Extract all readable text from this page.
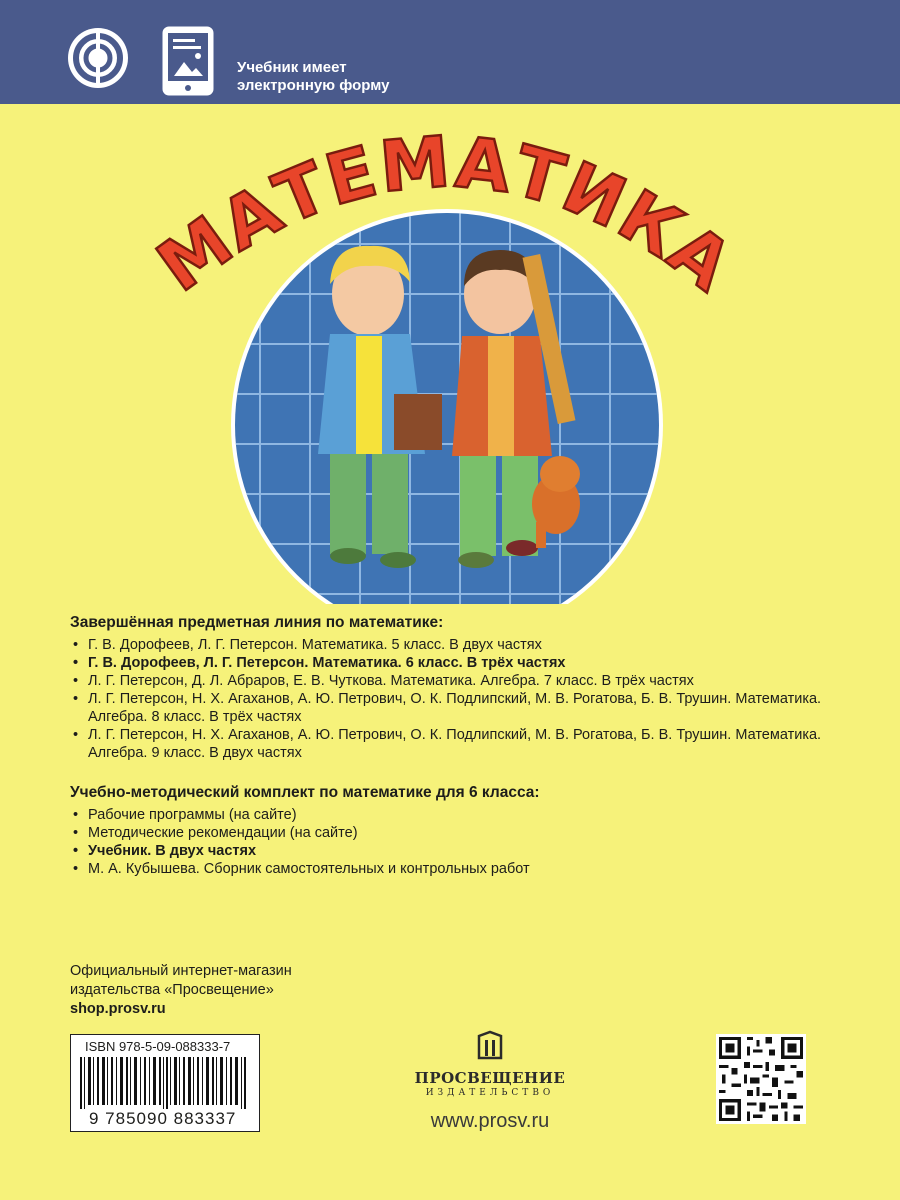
Учебник имеет
электронную форму
МАТЕМАТИКА

Завершённая предметная линия по математике:

• Г. В. Дорофеев, Л. Г. Петерсон. Математика. 5 класс. В двух частях
• Г. В. Дорофеев, Л. Г. Петерсон. Математика. 6 класс. В трёх частях
• Л. Г. Петерсон, Д. Л. Абраров, Е. В. Чуткова. Математика. Алгебра. 7 класс. В трёх частях
• Л. Г. Петерсон, Н. Х. Агаханов, А. Ю. Петрович, О. К. Подлипский, М. В. Рогатова, Б. В. Трушин. Математика. Алгебра. 8 класс. В трёх частях
• Л. Г. Петерсон, Н. Х. Агаханов, А. Ю. Петрович, О. К. Подлипский, М. В. Рогатова, Б. В. Трушин. Математика. Алгебра. 9 класс. В двух частях

Учебно-методический комплект по математике для 6 класса:

• Рабочие программы (на сайте)
• Методические рекомендации (на сайте)
• Учебник. В двух частях
• М. А. Кубышева. Сборник самостоятельных и контрольных работ
Официальный интернет-магазин
издательства «Просвещение»
shop.prosv.ru
ISBN 978-5-09-088333-7
9 785090 883337
ПРОСВЕЩЕНИЕ
ИЗДАТЕЛЬСТВО
www.prosv.ru
